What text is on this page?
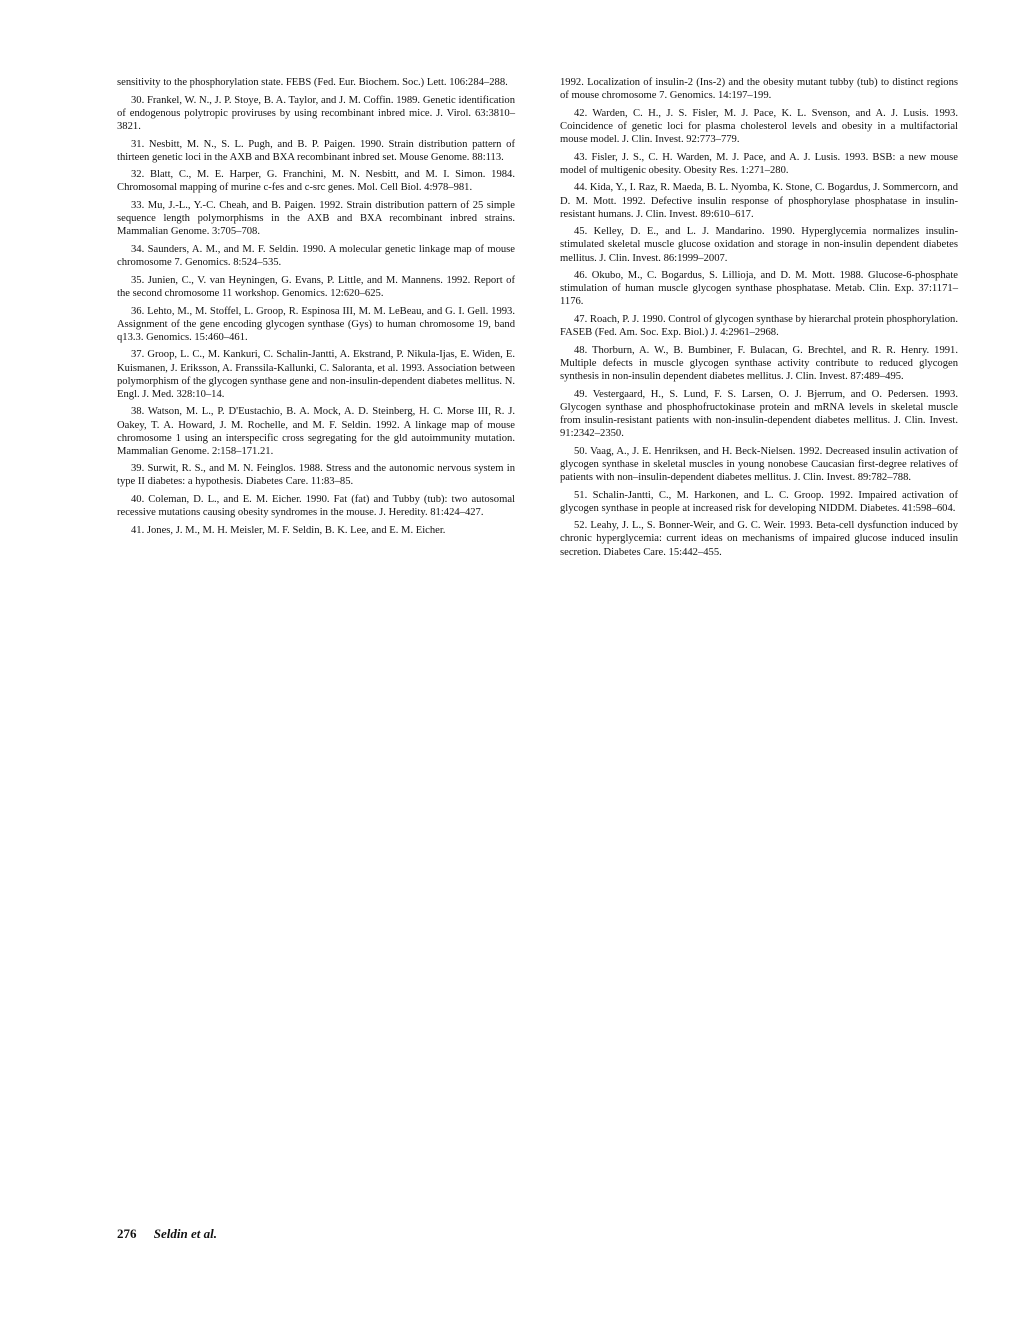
sensitivity to the phosphorylation state. FEBS (Fed. Eur. Biochem. Soc.) Lett. 106:284–288.

30. Frankel, W. N., J. P. Stoye, B. A. Taylor, and J. M. Coffin. 1989. Genetic identification of endogenous polytropic proviruses by using recombinant inbred mice. J. Virol. 63:3810–3821.

31. Nesbitt, M. N., S. L. Pugh, and B. P. Paigen. 1990. Strain distribution pattern of thirteen genetic loci in the AXB and BXA recombinant inbred set. Mouse Genome. 88:113.

32. Blatt, C., M. E. Harper, G. Franchini, M. N. Nesbitt, and M. I. Simon. 1984. Chromosomal mapping of murine c-fes and c-src genes. Mol. Cell Biol. 4:978–981.

33. Mu, J.-L., Y.-C. Cheah, and B. Paigen. 1992. Strain distribution pattern of 25 simple sequence length polymorphisms in the AXB and BXA recombinant inbred strains. Mammalian Genome. 3:705–708.

34. Saunders, A. M., and M. F. Seldin. 1990. A molecular genetic linkage map of mouse chromosome 7. Genomics. 8:524–535.

35. Junien, C., V. van Heyningen, G. Evans, P. Little, and M. Mannens. 1992. Report of the second chromosome 11 workshop. Genomics. 12:620–625.

36. Lehto, M., M. Stoffel, L. Groop, R. Espinosa III, M. M. LeBeau, and G. I. Gell. 1993. Assignment of the gene encoding glycogen synthase (Gys) to human chromosome 19, band q13.3. Genomics. 15:460–461.

37. Groop, L. C., M. Kankuri, C. Schalin-Jantti, A. Ekstrand, P. Nikula-Ijas, E. Widen, E. Kuismanen, J. Eriksson, A. Franssila-Kallunki, C. Saloranta, et al. 1993. Association between polymorphism of the glycogen synthase gene and non-insulin-dependent diabetes mellitus. N. Engl. J. Med. 328:10–14.

38. Watson, M. L., P. D'Eustachio, B. A. Mock, A. D. Steinberg, H. C. Morse III, R. J. Oakey, T. A. Howard, J. M. Rochelle, and M. F. Seldin. 1992. A linkage map of mouse chromosome 1 using an interspecific cross segregating for the gld autoimmunity mutation. Mammalian Genome. 2:158–171.21.

39. Surwit, R. S., and M. N. Feinglos. 1988. Stress and the autonomic nervous system in type II diabetes: a hypothesis. Diabetes Care. 11:83–85.

40. Coleman, D. L., and E. M. Eicher. 1990. Fat (fat) and Tubby (tub): two autosomal recessive mutations causing obesity syndromes in the mouse. J. Heredity. 81:424–427.

41. Jones, J. M., M. H. Meisler, M. F. Seldin, B. K. Lee, and E. M. Eicher.

1992. Localization of insulin-2 (Ins-2) and the obesity mutant tubby (tub) to distinct regions of mouse chromosome 7. Genomics. 14:197–199.

42. Warden, C. H., J. S. Fisler, M. J. Pace, K. L. Svenson, and A. J. Lusis. 1993. Coincidence of genetic loci for plasma cholesterol levels and obesity in a multifactorial mouse model. J. Clin. Invest. 92:773–779.

43. Fisler, J. S., C. H. Warden, M. J. Pace, and A. J. Lusis. 1993. BSB: a new mouse model of multigenic obesity. Obesity Res. 1:271–280.

44. Kida, Y., I. Raz, R. Maeda, B. L. Nyomba, K. Stone, C. Bogardus, J. Sommercorn, and D. M. Mott. 1992. Defective insulin response of phosphorylase phosphatase in insulin-resistant humans. J. Clin. Invest. 89:610–617.

45. Kelley, D. E., and L. J. Mandarino. 1990. Hyperglycemia normalizes insulin-stimulated skeletal muscle glucose oxidation and storage in non-insulin dependent diabetes mellitus. J. Clin. Invest. 86:1999–2007.

46. Okubo, M., C. Bogardus, S. Lillioja, and D. M. Mott. 1988. Glucose-6-phosphate stimulation of human muscle glycogen synthase phosphatase. Metab. Clin. Exp. 37:1171–1176.

47. Roach, P. J. 1990. Control of glycogen synthase by hierarchal protein phosphorylation. FASEB (Fed. Am. Soc. Exp. Biol.) J. 4:2961–2968.

48. Thorburn, A. W., B. Bumbiner, F. Bulacan, G. Brechtel, and R. R. Henry. 1991. Multiple defects in muscle glycogen synthase activity contribute to reduced glycogen synthesis in non-insulin dependent diabetes mellitus. J. Clin. Invest. 87:489–495.

49. Vestergaard, H., S. Lund, F. S. Larsen, O. J. Bjerrum, and O. Pedersen. 1993. Glycogen synthase and phosphofructokinase protein and mRNA levels in skeletal muscle from insulin-resistant patients with non-insulin-dependent diabetes mellitus. J. Clin. Invest. 91:2342–2350.

50. Vaag, A., J. E. Henriksen, and H. Beck-Nielsen. 1992. Decreased insulin activation of glycogen synthase in skeletal muscles in young nonobese Caucasian first-degree relatives of patients with non–insulin-dependent diabetes mellitus. J. Clin. Invest. 89:782–788.

51. Schalin-Jantti, C., M. Harkonen, and L. C. Groop. 1992. Impaired activation of glycogen synthase in people at increased risk for developing NIDDM. Diabetes. 41:598–604.

52. Leahy, J. L., S. Bonner-Weir, and G. C. Weir. 1993. Beta-cell dysfunction induced by chronic hyperglycemia: current ideas on mechanisms of impaired glucose induced insulin secretion. Diabetes Care. 15:442–455.

276 Seldin et al.
